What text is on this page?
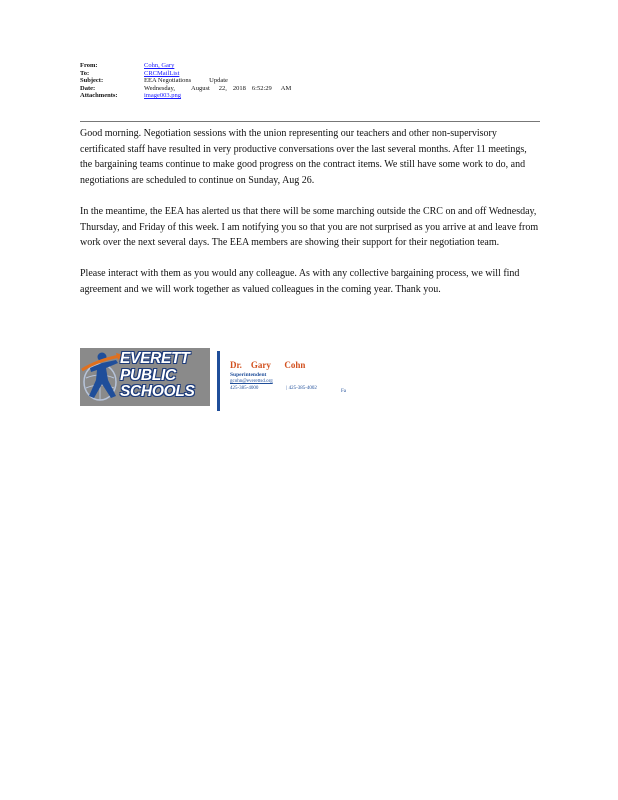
From:	Cohn, Gary
To:	CRCMailList
Subject:	EEA Negotiations	Update
Date:	Wednesday, August 22, 2018 6:52:29 AM
Attachments:	image003.png

Good morning. Negotiation sessions with the union representing our teachers and other non-supervisory certificated staff have resulted in very productive conversations over the last several months. After 11 meetings, the bargaining teams continue to make good progress on the contract items. We still have some work to do, and negotiations are scheduled to continue on Sunday, Aug 26.

In the meantime, the EEA has alerted us that there will be some marching outside the CRC on and off Wednesday, Thursday, and Friday of this week. I am notifying you so that you are not surprised as you arrive at and leave from work over the next several days. The EEA members are showing their support for their negotiation team.

Please interact with them as you would any colleague. As with any collective bargaining process, we will find agreement and we will work together as valued colleagues in the coming year. Thank you.

EVERETT
PUBLIC
SCHOOLS
Dr.    Gary      Cohn
Superintendent
gcohn@everettsd.org
425-385-4000	| 425-385-4002
Fa
